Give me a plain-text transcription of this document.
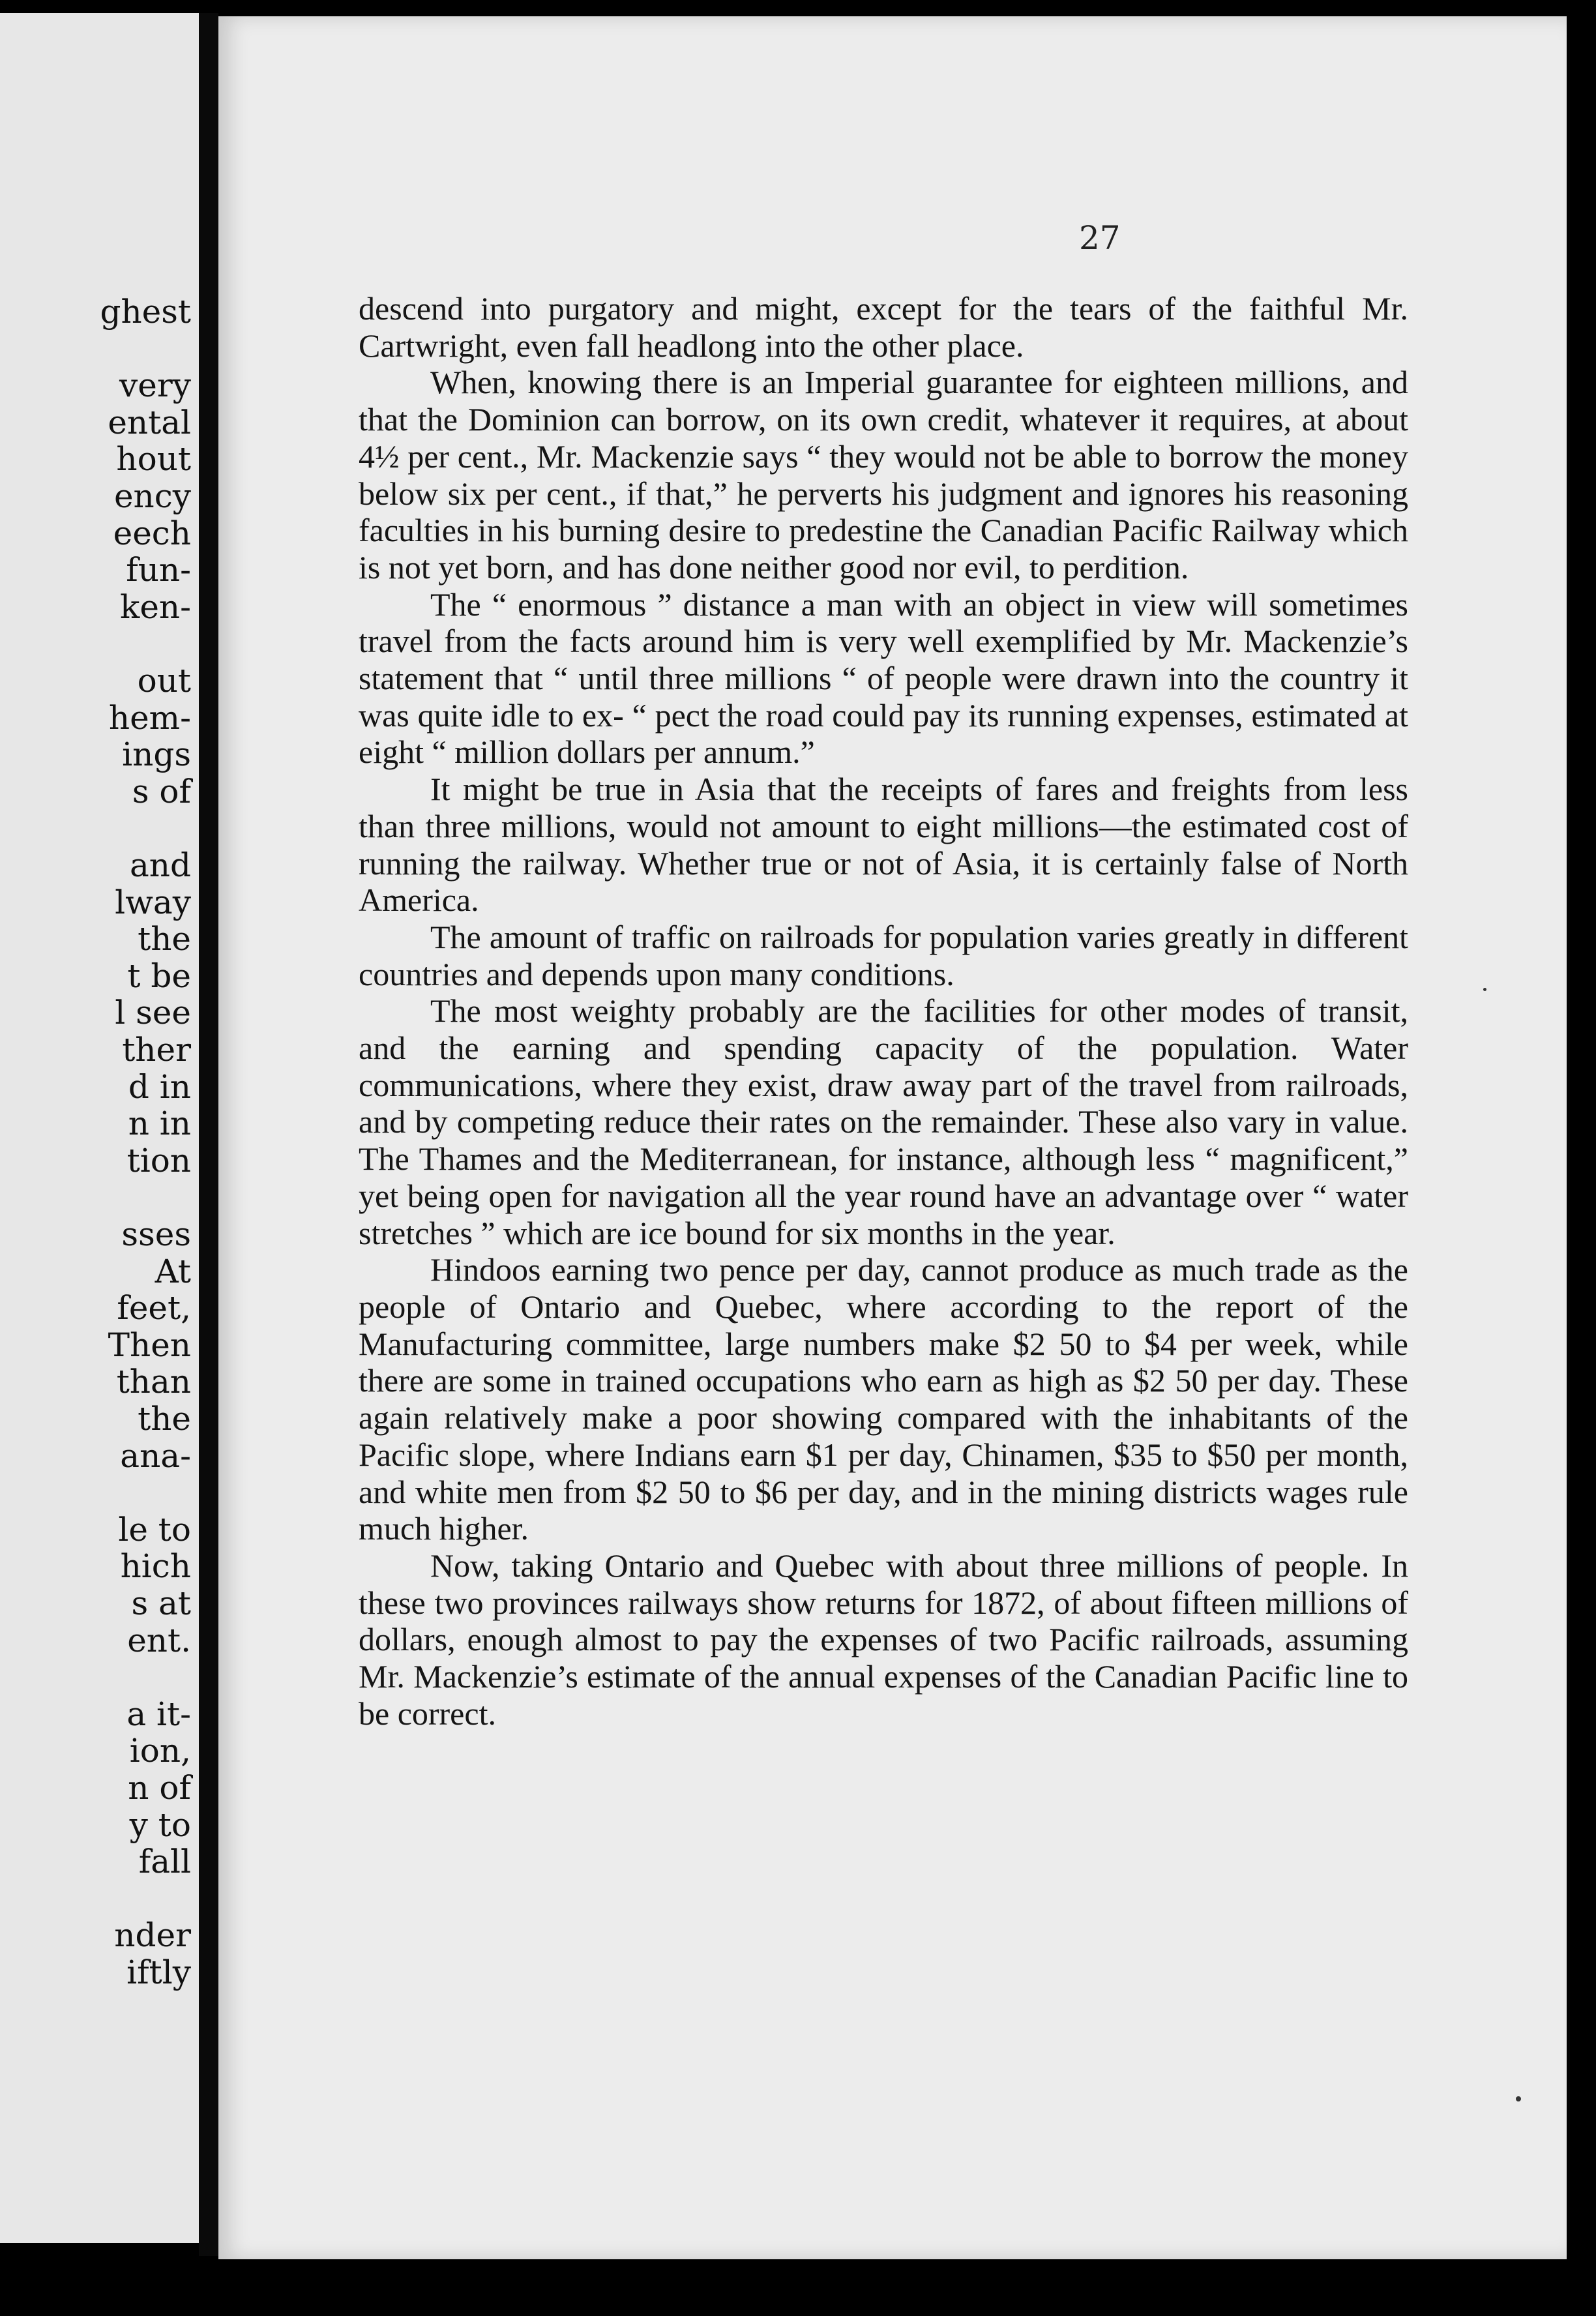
ghest
very
ental
hout
ency
eech
fun-
ken-
out
hem-
ings
s of
and
lway
the
t be
l see
ther
d in
n in
tion
sses
At
feet,
Then
than
the
ana-
le to
hich
s at
ent.
a it-
ion,
n of
y to
fall
nder
iftly
27

descend into purgatory and might, except for the tears of the faithful Mr. Cartwright, even fall headlong into the other place.

When, knowing there is an Imperial guarantee for eighteen millions, and that the Dominion can borrow, on its own credit, whatever it requires, at about 4½ per cent., Mr. Mackenzie says “ they would not be able to borrow the money below six per cent., if that,” he perverts his judgment and ignores his reasoning faculties in his burning desire to predestine the Canadian Pacific Railway which is not yet born, and has done neither good nor evil, to perdition.

The “ enormous ” distance a man with an object in view will sometimes travel from the facts around him is very well exemplified by Mr. Mackenzie’s statement that “ until three millions “ of people were drawn into the country it was quite idle to ex- “ pect the road could pay its running expenses, estimated at eight “ million dollars per annum.”

It might be true in Asia that the receipts of fares and freights from less than three millions, would not amount to eight millions—the estimated cost of running the railway. Whether true or not of Asia, it is certainly false of North America.

The amount of traffic on railroads for population varies greatly in different countries and depends upon many conditions.

The most weighty probably are the facilities for other modes of transit, and the earning and spending capacity of the population. Water communications, where they exist, draw away part of the travel from railroads, and by competing reduce their rates on the remainder. These also vary in value. The Thames and the Mediterranean, for instance, although less “ magnificent,” yet being open for navigation all the year round have an advantage over “ water stretches ” which are ice bound for six months in the year.

Hindoos earning two pence per day, cannot produce as much trade as the people of Ontario and Quebec, where according to the report of the Manufacturing committee, large numbers make $2 50 to $4 per week, while there are some in trained occupations who earn as high as $2 50 per day. These again relatively make a poor showing compared with the inhabitants of the Pacific slope, where Indians earn $1 per day, Chinamen, $35 to $50 per month, and white men from $2 50 to $6 per day, and in the mining districts wages rule much higher.

Now, taking Ontario and Quebec with about three millions of people. In these two provinces railways show returns for 1872, of about fifteen millions of dollars, enough almost to pay the expenses of two Pacific railroads, assuming Mr. Mackenzie’s estimate of the annual expenses of the Canadian Pacific line to be correct.
